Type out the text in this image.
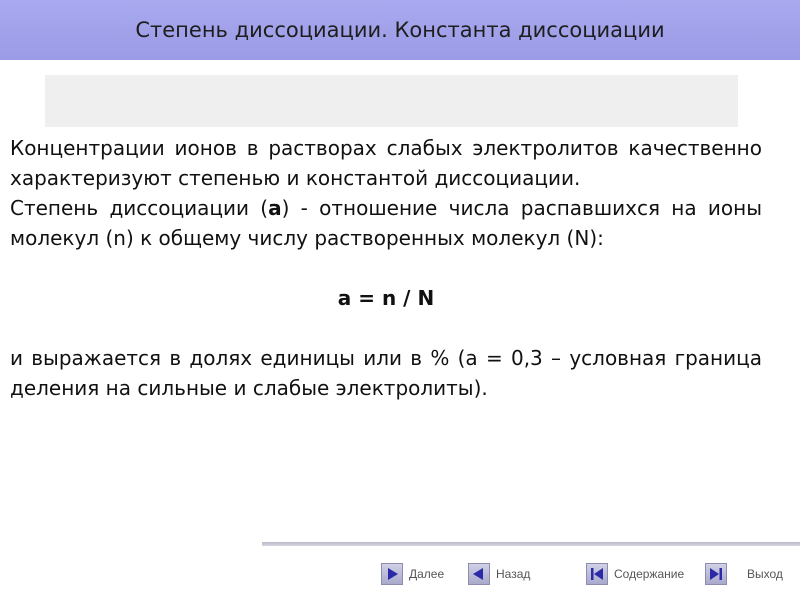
Степень диссоциации. Константа диссоциации

Концентрации ионов в растворах слабых электролитов качественно характеризуют степенью и константой диссоциации.

Степень диссоциации (а) - отношение числа распавшихся на ионы молекул (n) к общему числу растворенных молекул (N):

а = n / N

и выражается в долях единицы или в % (а = 0,3 – условная граница деления на сильные и слабые электролиты).

Далее	Назад	Содержание	Выход
